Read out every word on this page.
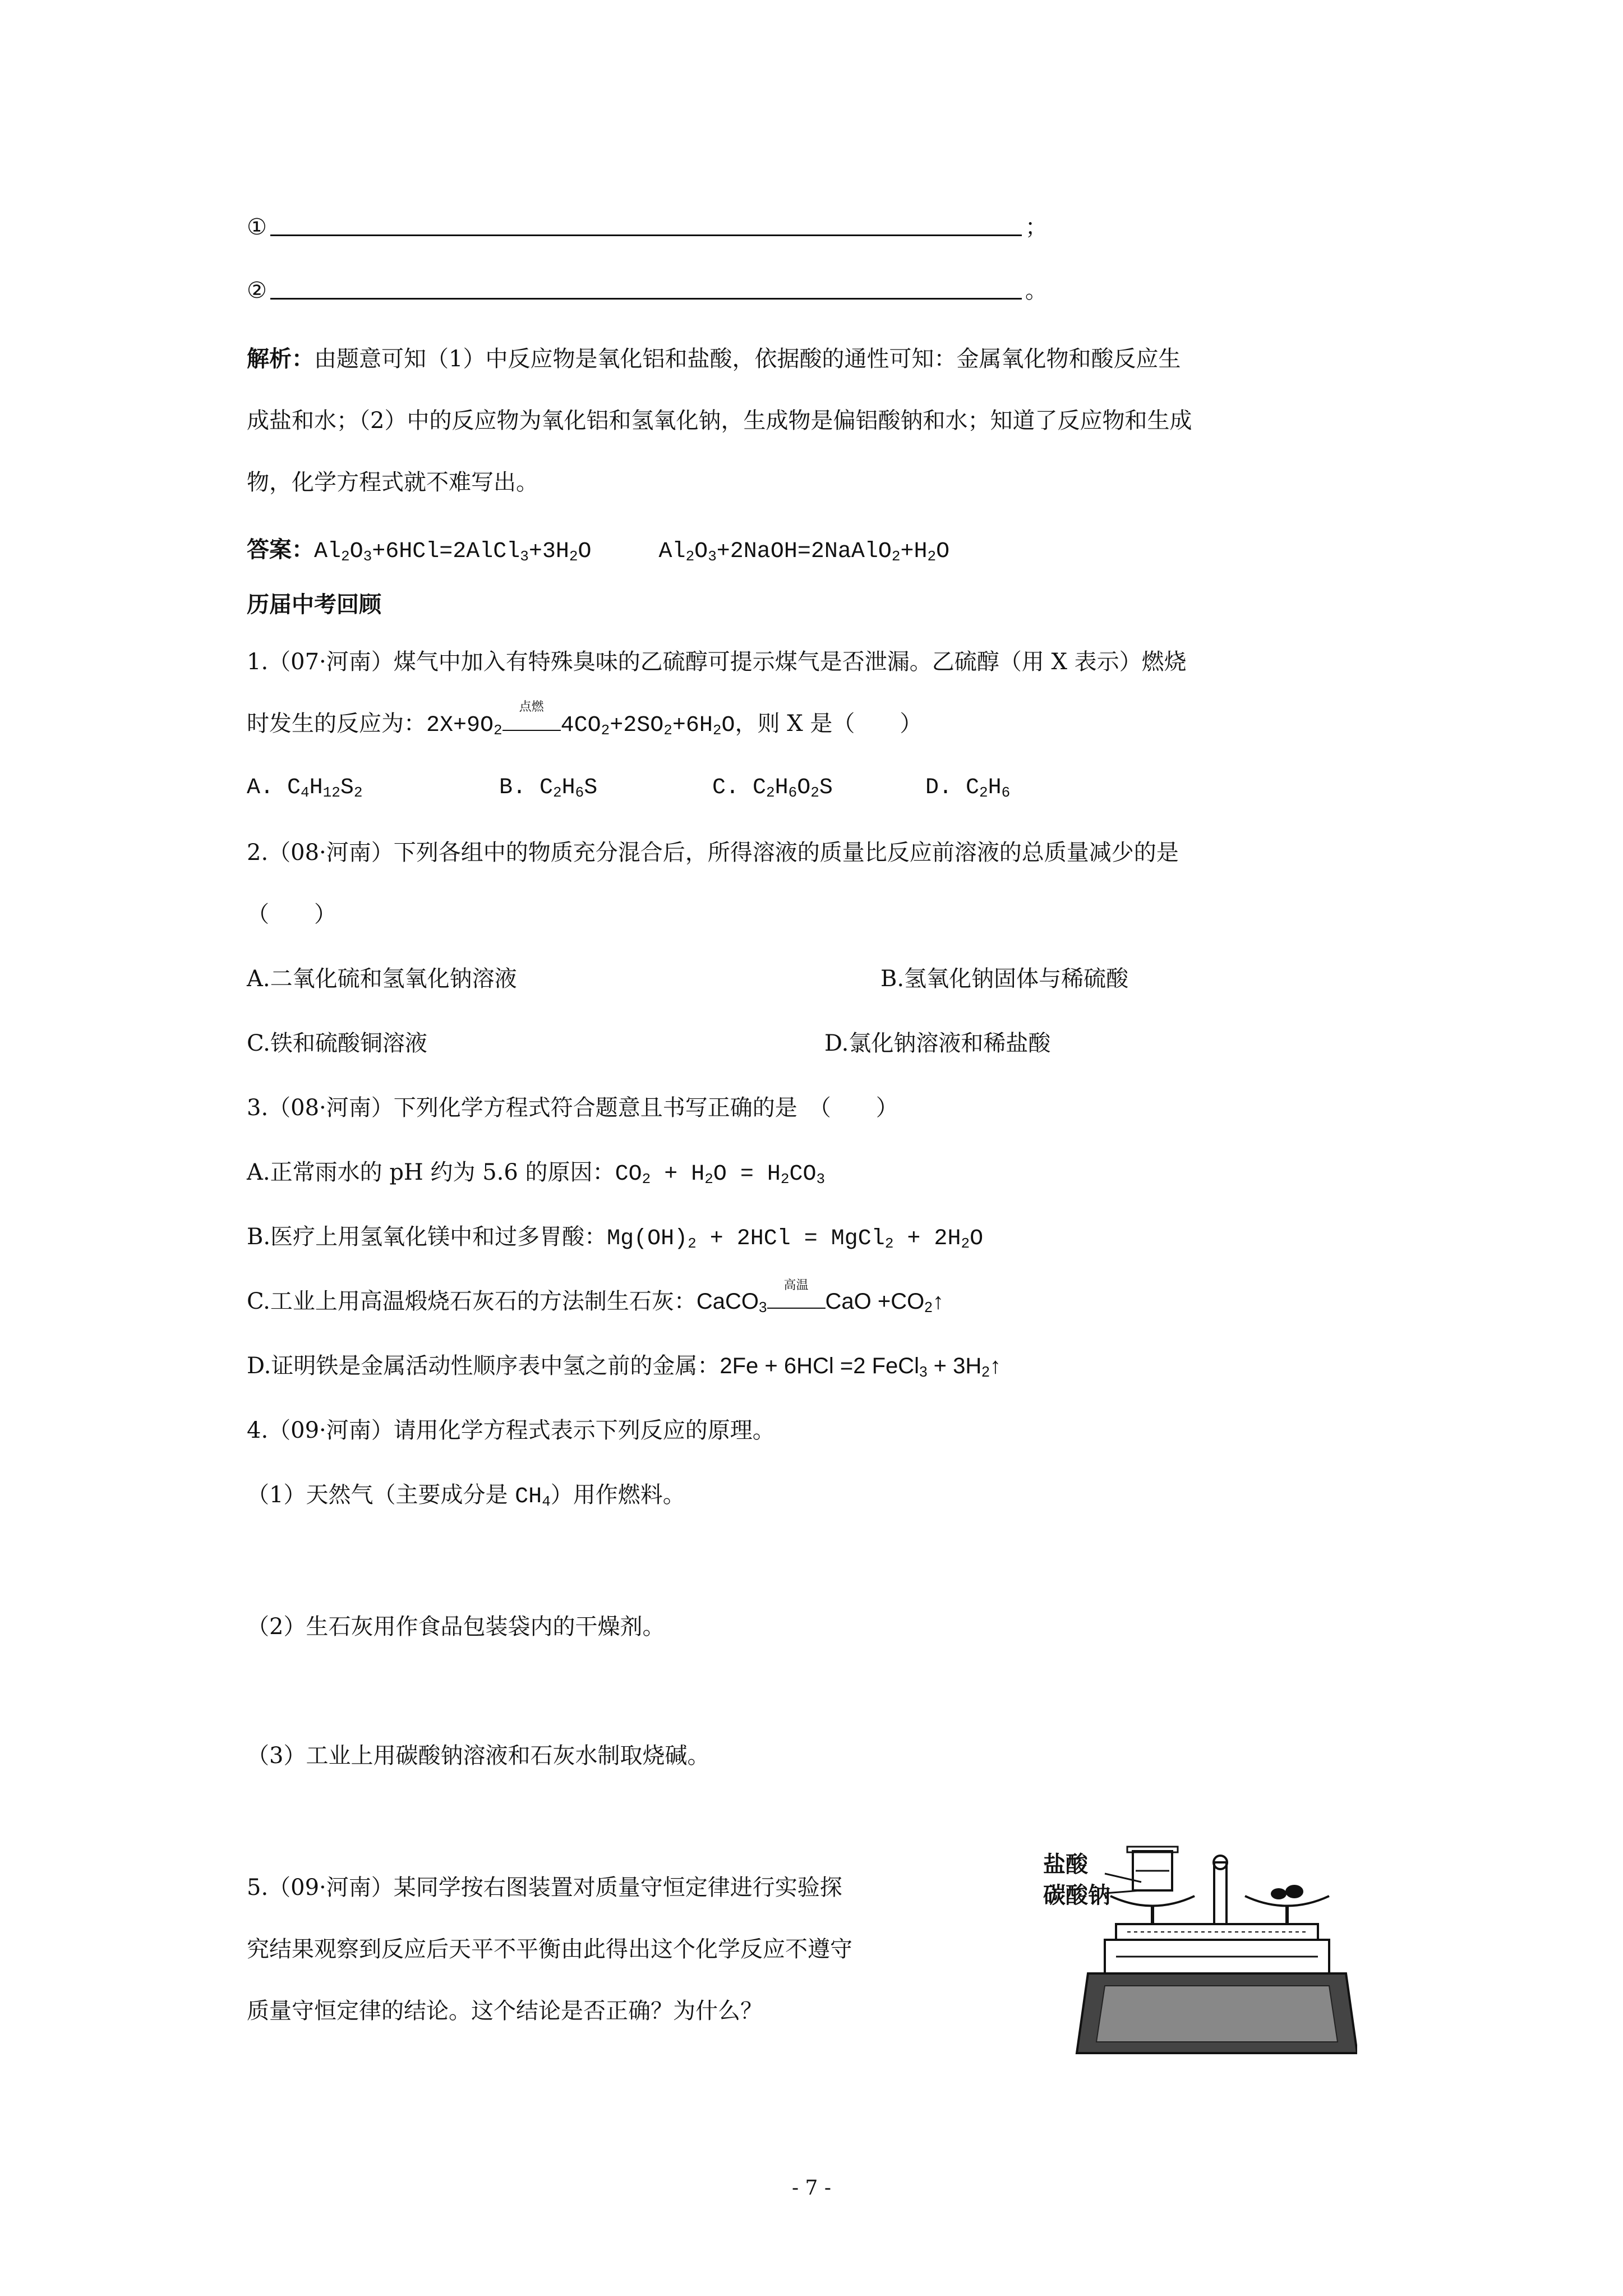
①	；
②	。
解析：由题意可知（1）中反应物是氧化铝和盐酸，依据酸的通性可知：金属氧化物和酸反应生
成盐和水；（2）中的反应物为氧化铝和氢氧化钠，生成物是偏铝酸钠和水；知道了反应物和生成
物，化学方程式就不难写出。
答案：$Al_2O_3+6HCl=2AlCl_3+3H_2O$	$Al_2O_3+2NaOH=2NaAlO_2+H_2O$
历届中考回顾
1.（07·河南）煤气中加入有特殊臭味的乙硫醇可提示煤气是否泄漏。乙硫醇（用 X 表示）燃烧
时发生的反应为：$2X+9O_2$
点燃
$4CO_2+2SO_2+6H_2O$，则 X 是（　　）
A. $C_4H_{12}S_2$	B. $C_2H_6S$	C. $C_2H_6O_2S$	D. $C_2H_6$
2.（08·河南）下列各组中的物质充分混合后，所得溶液的质量比反应前溶液的总质量减少的是
（　　）
A.二氧化硫和氢氧化钠溶液	B.氢氧化钠固体与稀硫酸
C.铁和硫酸铜溶液	D.氯化钠溶液和稀盐酸
3.（08·河南）下列化学方程式符合题意且书写正确的是　（　　）
A.正常雨水的 pH 约为 5.6 的原因：$CO_2 + H_2O = H_2CO_3$
B.医疗上用氢氧化镁中和过多胃酸：$Mg(OH)_2 + 2HCl$ = MgCl$_2$ + $2H_2O$
C.工业上用高温煅烧石灰石的方法制生石灰：CaCO$_3$
高温
CaO $+CO_2↑$
D.证明铁是金属活动性顺序表中氢之前的金属：2Fe + 6HCl =2 FeCl$_3$ + $3H_2↑$
4.（09·河南）请用化学方程式表示下列反应的原理。
（1）天然气（主要成分是 $CH_4$）用作燃料。
（2）生石灰用作食品包装袋内的干燥剂。
（3）工业上用碳酸钠溶液和石灰水制取烧碱。
5.（09·河南）某同学按右图装置对质量守恒定律进行实验探
究结果观察到反应后天平不平衡由此得出这个化学反应不遵守
质量守恒定律的结论。这个结论是否正确？为什么？
盐酸
碳酸钠
- 7 -
